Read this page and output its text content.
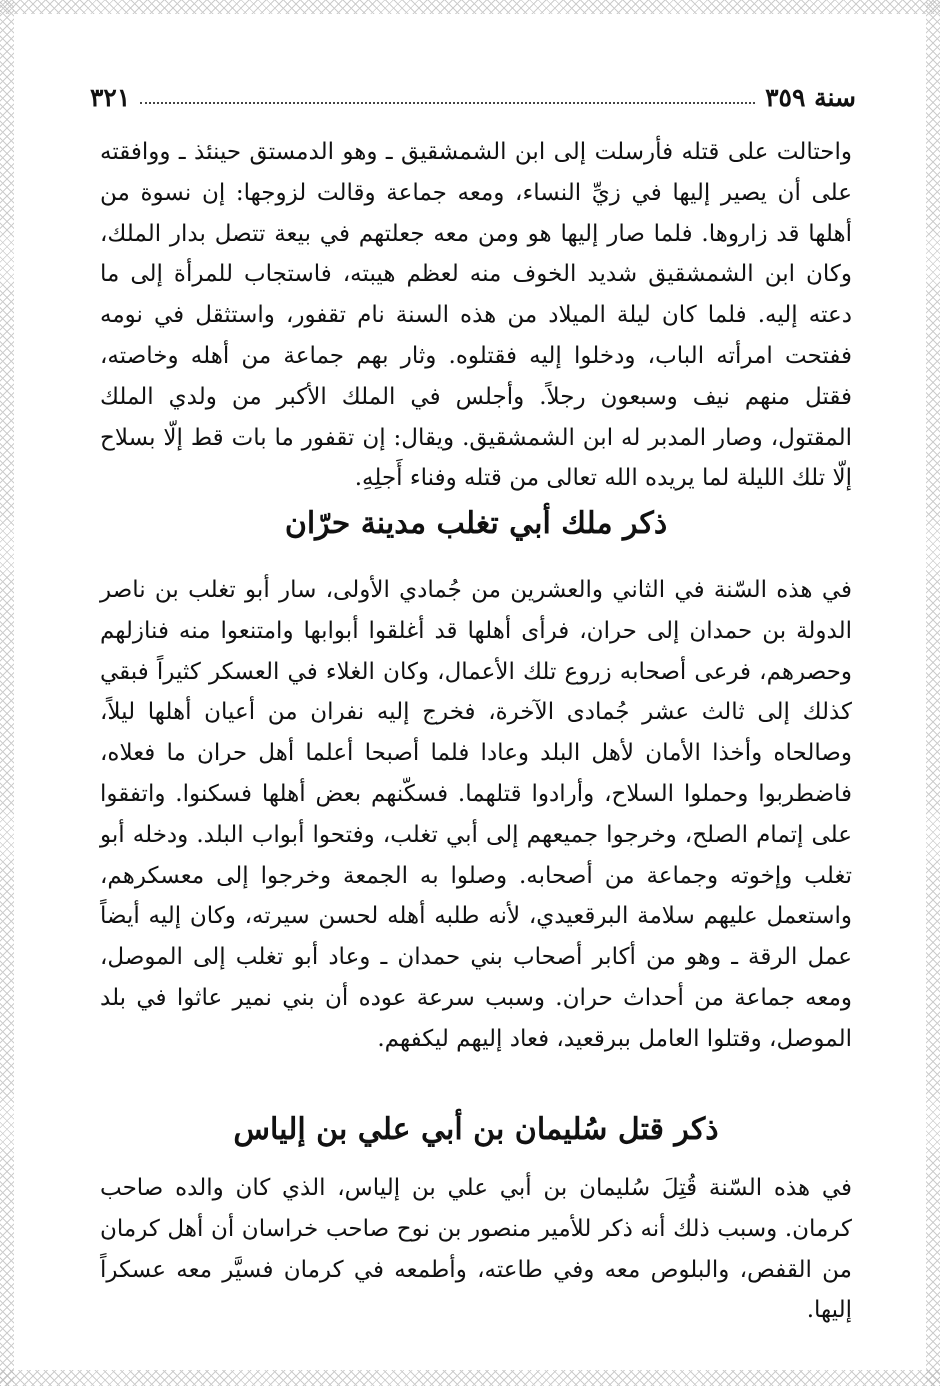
سنة ٣٥٩
٣٢١

واحتالت على قتله فأرسلت إلى ابن الشمشقيق ـ وهو الدمستق حينئذ ـ ووافقته على أن يصير إليها في زيِّ النساء، ومعه جماعة وقالت لزوجها: إن نسوة من أهلها قد زاروها. فلما صار إليها هو ومن معه جعلتهم في بيعة تتصل بدار الملك، وكان ابن الشمشقيق شديد الخوف منه لعظم هيبته، فاستجاب للمرأة إلى ما دعته إليه. فلما كان ليلة الميلاد من هذه السنة نام تقفور، واستثقل في نومه ففتحت امرأته الباب، ودخلوا إليه فقتلوه. وثار بهم جماعة من أهله وخاصته، فقتل منهم نيف وسبعون رجلاً. وأجلس في الملك الأكبر من ولدي الملك المقتول، وصار المدبر له ابن الشمشقيق. ويقال: إن تقفور ما بات قط إلّا بسلاح إلّا تلك الليلة لما يريده الله تعالى من قتله وفناء أَجلِهِ.

ذكر ملك أبي تغلب مدينة حرّان

في هذه السّنة في الثاني والعشرين من جُمادي الأولى، سار أبو تغلب بن ناصر الدولة بن حمدان إلى حران، فرأى أهلها قد أغلقوا أبوابها وامتنعوا منه فنازلهم وحصرهم، فرعى أصحابه زروع تلك الأعمال، وكان الغلاء في العسكر كثيراً فبقي كذلك إلى ثالث عشر جُمادى الآخرة، فخرج إليه نفران من أعيان أهلها ليلاً، وصالحاه وأخذا الأمان لأهل البلد وعادا فلما أصبحا أعلما أهل حران ما فعلاه، فاضطربوا وحملوا السلاح، وأرادوا قتلهما. فسكّنهم بعض أهلها فسكنوا. واتفقوا على إتمام الصلح، وخرجوا جميعهم إلى أبي تغلب، وفتحوا أبواب البلد. ودخله أبو تغلب وإخوته وجماعة من أصحابه. وصلوا به الجمعة وخرجوا إلى معسكرهم، واستعمل عليهم سلامة البرقعيدي، لأنه طلبه أهله لحسن سيرته، وكان إليه أيضاً عمل الرقة ـ وهو من أكابر أصحاب بني حمدان ـ وعاد أبو تغلب إلى الموصل، ومعه جماعة من أحداث حران. وسبب سرعة عوده أن بني نمير عاثوا في بلد الموصل، وقتلوا العامل ببرقعيد، فعاد إليهم ليكفهم.

ذكر قتل سُليمان بن أبي علي بن إلياس

في هذه السّنة قُتِلَ سُليمان بن أبي علي بن إلياس، الذي كان والده صاحب كرمان. وسبب ذلك أنه ذكر للأمير منصور بن نوح صاحب خراسان أن أهل كرمان من القفص، والبلوص معه وفي طاعته، وأطمعه في كرمان فسيَّر معه عسكراً إليها.
